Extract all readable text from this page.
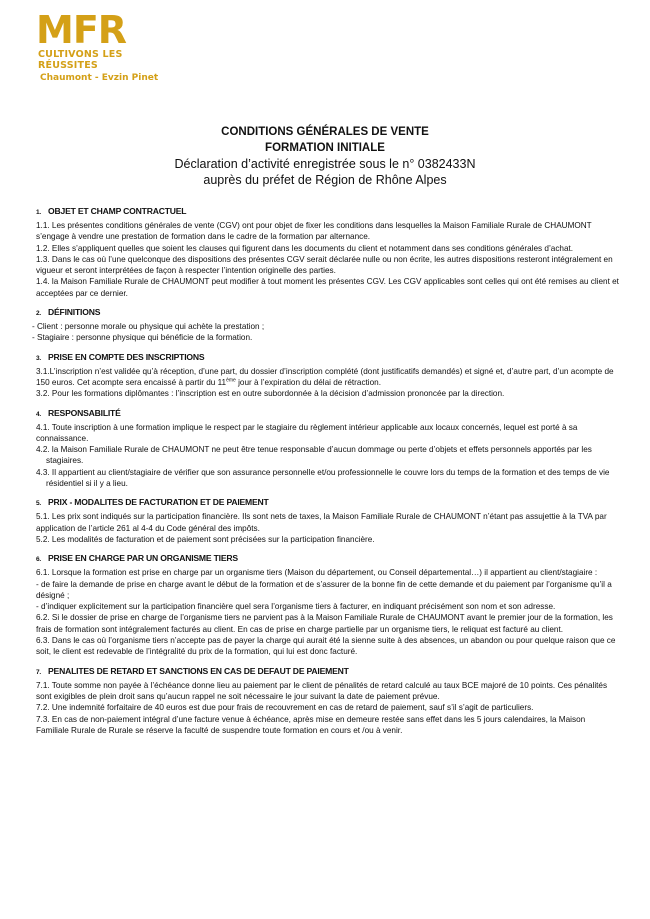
MFR
CULTIVONS LES RÉUSSITES
Chaumont - Evzin Pinet
CONDITIONS GÉNÉRALES DE VENTE
FORMATION INITIALE
Déclaration d’activité enregistrée sous le n° 0382433N
auprès du préfet de Région de Rhône Alpes
1. OBJET ET CHAMP CONTRACTUEL

1.1. Les présentes conditions générales de vente (CGV) ont pour objet de fixer les conditions dans lesquelles la Maison Familiale Rurale de CHAUMONT s’engage à vendre une prestation de formation dans le cadre de la formation par alternance.

1.2. Elles s’appliquent quelles que soient les clauses qui figurent dans les documents du client et notamment dans ses conditions générales d’achat.

1.3. Dans le cas où l’une quelconque des dispositions des présentes CGV serait déclarée nulle ou non écrite, les autres dispositions resteront intégralement en vigueur et seront interprétées de façon à respecter l’intention originelle des parties.

1.4. la Maison Familiale Rurale de CHAUMONT peut modifier à tout moment les présentes CGV. Les CGV applicables sont celles qui ont été remises au client et acceptées par ce dernier.

2. DÉFINITIONS

- Client : personne morale ou physique qui achète la prestation ;

- Stagiaire : personne physique qui bénéficie de la formation.

3. PRISE EN COMPTE DES INSCRIPTIONS

3.1.L’inscription n’est validée qu’à réception, d’une part, du dossier d’inscription complété (dont justificatifs demandés) et signé et, d’autre part, d’un acompte de 150 euros. Cet acompte sera encaissé à partir du 11ème jour à l’expiration du délai de rétraction.

3.2. Pour les formations diplômantes : l’inscription est en outre subordonnée à la décision d’admission prononcée par la direction.

4. RESPONSABILITÉ

4.1. Toute inscription à une formation implique le respect par le stagiaire du règlement intérieur applicable aux locaux concernés, lequel est porté à sa connaissance.

4.2. la Maison Familiale Rurale de CHAUMONT ne peut être tenue responsable d’aucun dommage ou perte d’objets et effets personnels apportés par les stagiaires.

4.3. Il appartient au client/stagiaire de vérifier que son assurance personnelle et/ou professionnelle le couvre lors du temps de la formation et des temps de vie résidentiel si il y a lieu.

5. PRIX - MODALITES DE FACTURATION ET DE PAIEMENT

5.1. Les prix sont indiqués sur la participation financière. Ils sont nets de taxes, la Maison Familiale Rurale de CHAUMONT n’étant pas assujettie à la TVA par application de l’article 261 al 4-4 du Code général des impôts.

5.2. Les modalités de facturation et de paiement sont précisées sur la participation financière.

6. PRISE EN CHARGE PAR UN ORGANISME TIERS

6.1. Lorsque la formation est prise en charge par un organisme tiers (Maison du département, ou Conseil départemental…) il appartient au client/stagiaire :

- de faire la demande de prise en charge avant le début de la formation et de s’assurer de la bonne fin de cette demande et du paiement par l’organisme qu’il a désigné ;

- d’indiquer explicitement sur la participation financière quel sera l’organisme tiers à facturer, en indiquant précisément son nom et son adresse.

6.2. Si le dossier de prise en charge de l’organisme tiers ne parvient pas à la Maison Familiale Rurale de CHAUMONT avant le premier jour de la formation, les frais de formation sont intégralement facturés au client. En cas de prise en charge partielle par un organisme tiers, le reliquat est facturé au client.

6.3. Dans le cas où l’organisme tiers n’accepte pas de payer la charge qui aurait été la sienne suite à des absences, un abandon ou pour quelque raison que ce soit, le client est redevable de l’intégralité du prix de la formation, qui lui est donc facturé.

7. PENALITES DE RETARD ET SANCTIONS EN CAS DE DEFAUT DE PAIEMENT

7.1. Toute somme non payée à l’échéance donne lieu au paiement par le client de pénalités de retard calculé au taux BCE majoré de 10 points. Ces pénalités sont exigibles de plein droit sans qu’aucun rappel ne soit nécessaire le jour suivant la date de paiement prévue.

7.2. Une indemnité forfaitaire de 40 euros est due pour frais de recouvrement en cas de retard de paiement, sauf s’il s’agit de particuliers.

7.3. En cas de non-paiement intégral d’une facture venue à échéance, après mise en demeure restée sans effet dans les 5 jours calendaires, la Maison Familiale Rurale de Rurale se réserve la faculté de suspendre toute formation en cours et /ou à venir.
